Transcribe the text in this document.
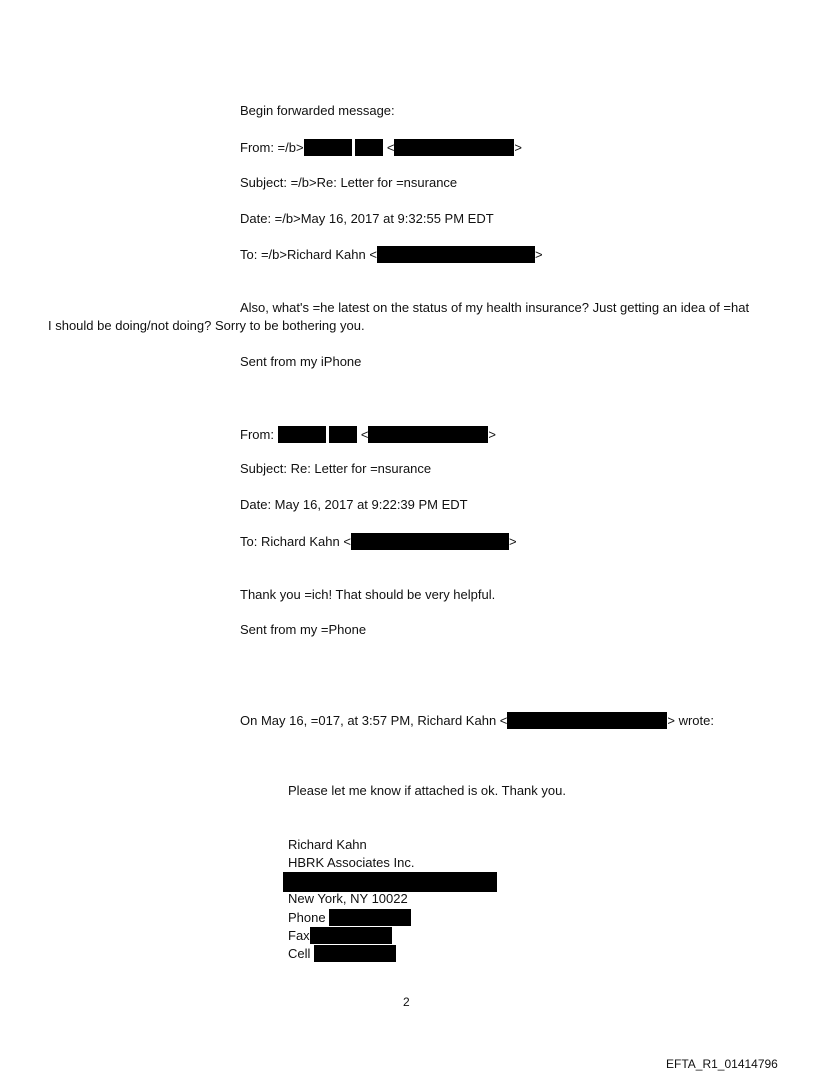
Begin forwarded message:
From: =/b>	<	>
Subject: =/b>Re: Letter for =nsurance
Date: =/b>May 16, 2017 at 9:32:55 PM EDT
To: =/b>Richard Kahn <	>
Also, what's =he latest on the status of my health insurance? Just getting an idea of =hat
I should be doing/not doing? Sorry to be bothering you.
Sent from my iPhone
From:	<	>
Subject: Re: Letter for =nsurance
Date: May 16, 2017 at 9:22:39 PM EDT
To: Richard Kahn <	>
Thank you =ich! That should be very helpful.
Sent from my =Phone
On May 16, =017, at 3:57 PM, Richard Kahn <	> wrote:
Please let me know if attached is ok. Thank you.
Richard Kahn
HBRK Associates Inc.
New York, NY 10022
Phone
Fax
Cell
2
EFTA_R1_01414796
